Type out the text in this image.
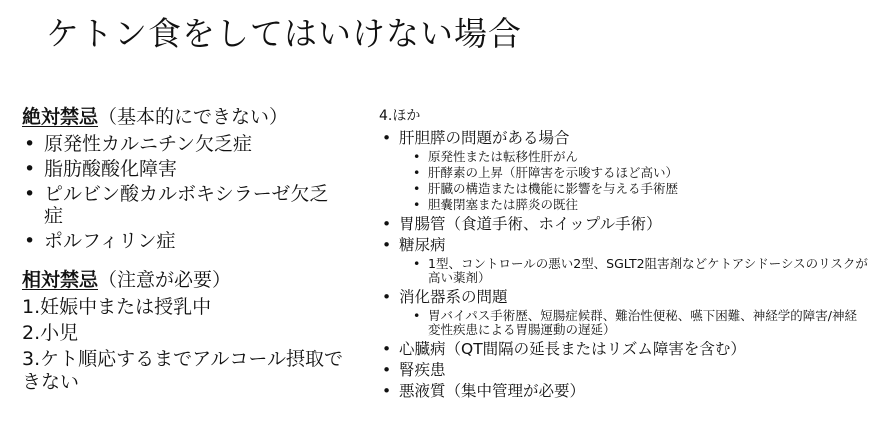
ケトン食をしてはいけない場合
絶対禁忌（基本的にできない）
• 原発性カルニチン欠乏症
• 脂肪酸酸化障害
• ピルビン酸カルボキシラーゼ欠乏症
• ポルフィリン症
相対禁忌（注意が必要）
1.妊娠中または授乳中
2.小児
3.ケト順応するまでアルコール摂取できない
4.ほか
• 肝胆膵の問題がある場合
• 原発性または転移性肝がん
• 肝酵素の上昇（肝障害を示唆するほど高い）
• 肝臓の構造または機能に影響を与える手術歴
• 胆嚢閉塞または膵炎の既往
• 胃腸管（食道手術、ホイップル手術）
• 糖尿病
• 1型、コントロールの悪い2型、SGLT2阻害剤などケトアシドーシスのリスクが高い薬剤）
• 消化器系の問題
• 胃バイパス手術歴、短腸症候群、難治性便秘、嚥下困難、神経学的障害/神経変性疾患による胃腸運動の遅延）
• 心臓病（QT間隔の延長またはリズム障害を含む）
• 腎疾患
• 悪液質（集中管理が必要）
